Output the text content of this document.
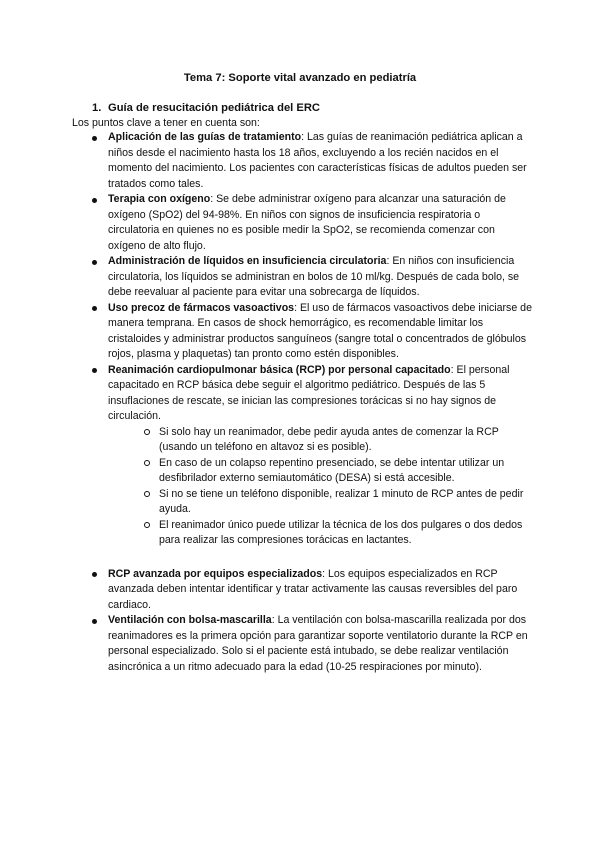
Tema 7: Soporte vital avanzado en pediatría
1. Guía de resucitación pediátrica del ERC

Los puntos clave a tener en cuenta son:

Aplicación de las guías de tratamiento: Las guías de reanimación pediátrica aplican a niños desde el nacimiento hasta los 18 años, excluyendo a los recién nacidos en el momento del nacimiento. Los pacientes con características físicas de adultos pueden ser tratados como tales.
Terapia con oxígeno: Se debe administrar oxígeno para alcanzar una saturación de oxígeno (SpO2) del 94-98%. En niños con signos de insuficiencia respiratoria o circulatoria en quienes no es posible medir la SpO2, se recomienda comenzar con oxígeno de alto flujo.
Administración de líquidos en insuficiencia circulatoria: En niños con insuficiencia circulatoria, los líquidos se administran en bolos de 10 ml/kg. Después de cada bolo, se debe reevaluar al paciente para evitar una sobrecarga de líquidos.
Uso precoz de fármacos vasoactivos: El uso de fármacos vasoactivos debe iniciarse de manera temprana. En casos de shock hemorrágico, es recomendable limitar los cristaloides y administrar productos sanguíneos (sangre total o concentrados de glóbulos rojos, plasma y plaquetas) tan pronto como estén disponibles.
Reanimación cardiopulmonar básica (RCP) por personal capacitado: El personal capacitado en RCP básica debe seguir el algoritmo pediátrico. Después de las 5 insuflaciones de rescate, se inician las compresiones torácicas si no hay signos de circulación.
Si solo hay un reanimador, debe pedir ayuda antes de comenzar la RCP (usando un teléfono en altavoz si es posible).
En caso de un colapso repentino presenciado, se debe intentar utilizar un desfibrilador externo semiautomático (DESA) si está accesible.
Si no se tiene un teléfono disponible, realizar 1 minuto de RCP antes de pedir ayuda.
El reanimador único puede utilizar la técnica de los dos pulgares o dos dedos para realizar las compresiones torácicas en lactantes.
RCP avanzada por equipos especializados: Los equipos especializados en RCP avanzada deben intentar identificar y tratar activamente las causas reversibles del paro cardiaco.
Ventilación con bolsa-mascarilla: La ventilación con bolsa-mascarilla realizada por dos reanimadores es la primera opción para garantizar soporte ventilatorio durante la RCP en personal especializado. Solo si el paciente está intubado, se debe realizar ventilación asincrónica a un ritmo adecuado para la edad (10-25 respiraciones por minuto).
